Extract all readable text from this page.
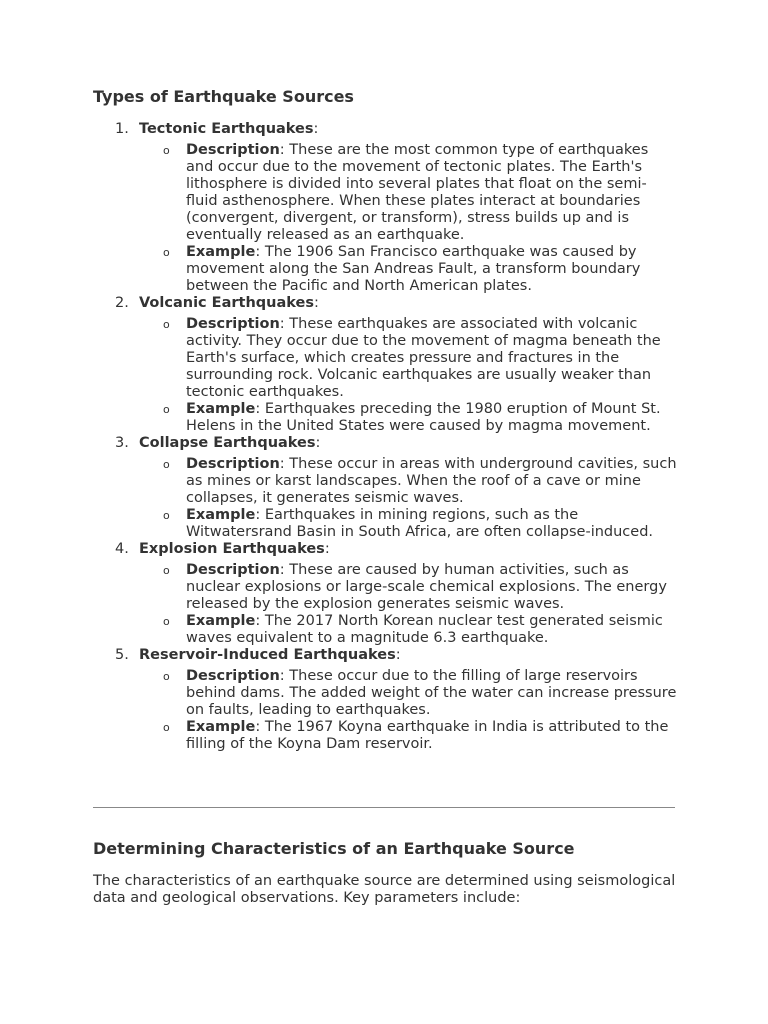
Types of Earthquake Sources
1. Tectonic Earthquakes:
o Description: These are the most common type of earthquakes and occur due to the movement of tectonic plates. The Earth's lithosphere is divided into several plates that float on the semi-fluid asthenosphere. When these plates interact at boundaries (convergent, divergent, or transform), stress builds up and is eventually released as an earthquake.
o Example: The 1906 San Francisco earthquake was caused by movement along the San Andreas Fault, a transform boundary between the Pacific and North American plates.
2. Volcanic Earthquakes:
o Description: These earthquakes are associated with volcanic activity. They occur due to the movement of magma beneath the Earth's surface, which creates pressure and fractures in the surrounding rock. Volcanic earthquakes are usually weaker than tectonic earthquakes.
o Example: Earthquakes preceding the 1980 eruption of Mount St. Helens in the United States were caused by magma movement.
3. Collapse Earthquakes:
o Description: These occur in areas with underground cavities, such as mines or karst landscapes. When the roof of a cave or mine collapses, it generates seismic waves.
o Example: Earthquakes in mining regions, such as the Witwatersrand Basin in South Africa, are often collapse-induced.
4. Explosion Earthquakes:
o Description: These are caused by human activities, such as nuclear explosions or large-scale chemical explosions. The energy released by the explosion generates seismic waves.
o Example: The 2017 North Korean nuclear test generated seismic waves equivalent to a magnitude 6.3 earthquake.
5. Reservoir-Induced Earthquakes:
o Description: These occur due to the filling of large reservoirs behind dams. The added weight of the water can increase pressure on faults, leading to earthquakes.
o Example: The 1967 Koyna earthquake in India is attributed to the filling of the Koyna Dam reservoir.
Determining Characteristics of an Earthquake Source

The characteristics of an earthquake source are determined using seismological data and geological observations. Key parameters include:
